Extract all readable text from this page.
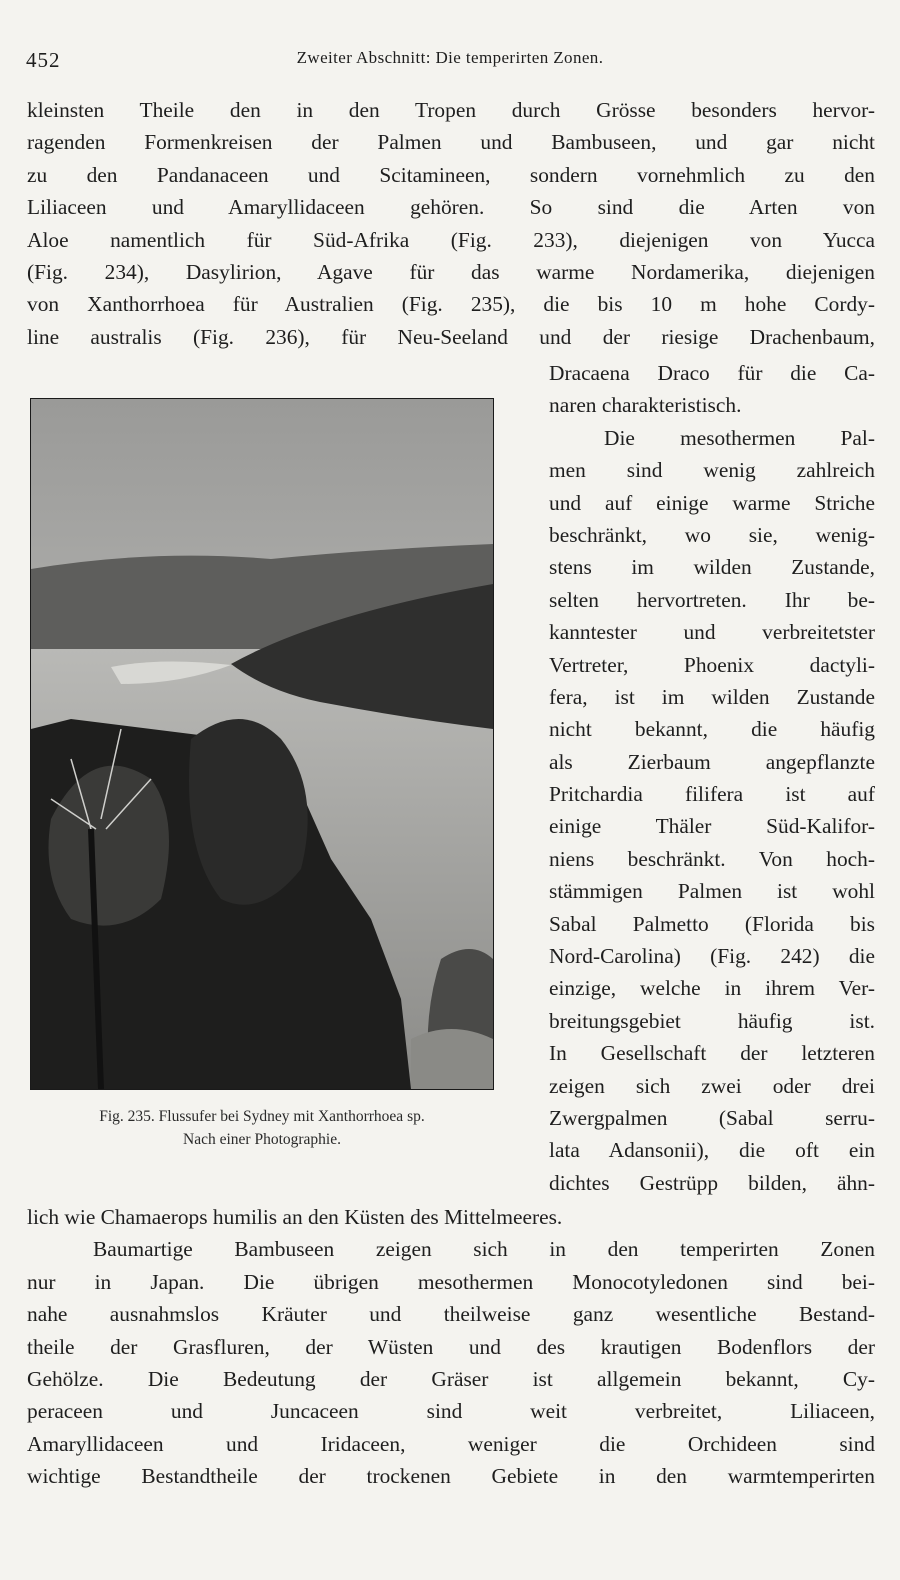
452	Zweiter Abschnitt: Die temperirten Zonen.
kleinsten Theile den in den Tropen durch Grösse besonders hervor-
ragenden Formenkreisen der Palmen und Bambuseen, und gar nicht
zu den Pandanaceen und Scitamineen, sondern vornehmlich zu den
Liliaceen und Amaryllidaceen gehören. So sind die Arten von
Aloe namentlich für Süd-Afrika (Fig. 233), diejenigen von Yucca
(Fig. 234), Dasylirion, Agave für das warme Nordamerika, diejenigen
von Xanthorrhoea für Australien (Fig. 235), die bis 10 m hohe Cordy-
line australis (Fig. 236), für Neu-Seeland und der riesige Drachenbaum,
Dracaena Draco für die Ca-
naren charakteristisch.
Die mesothermen Pal-
men sind wenig zahlreich
und auf einige warme Striche
beschränkt, wo sie, wenig-
stens im wilden Zustande,
selten hervortreten. Ihr be-
kanntester und verbreitetster
Vertreter, Phoenix dactyli-
fera, ist im wilden Zustande
nicht bekannt, die häufig
als Zierbaum angepflanzte
Pritchardia filifera ist auf
einige Thäler Süd-Kalifor-
niens beschränkt. Von hoch-
stämmigen Palmen ist wohl
Sabal Palmetto (Florida bis
Nord-Carolina) (Fig. 242) die
einzige, welche in ihrem Ver-
breitungsgebiet häufig ist.
In Gesellschaft der letzteren
zeigen sich zwei oder drei
Zwergpalmen (Sabal serru-
lata Adansonii), die oft ein
dichtes Gestrüpp bilden, ähn-
Fig. 235. Flussufer bei Sydney mit Xanthorrhoea sp.
Nach einer Photographie.
lich wie Chamaerops humilis an den Küsten des Mittelmeeres.
Baumartige Bambuseen zeigen sich in den temperirten Zonen
nur in Japan. Die übrigen mesothermen Monocotyledonen sind bei-
nahe ausnahmslos Kräuter und theilweise ganz wesentliche Bestand-
theile der Grasfluren, der Wüsten und des krautigen Bodenflors der
Gehölze. Die Bedeutung der Gräser ist allgemein bekannt, Cy-
peraceen und Juncaceen sind weit verbreitet, Liliaceen,
Amaryllidaceen und Iridaceen, weniger die Orchideen sind
wichtige Bestandtheile der trockenen Gebiete in den warmtemperirten
